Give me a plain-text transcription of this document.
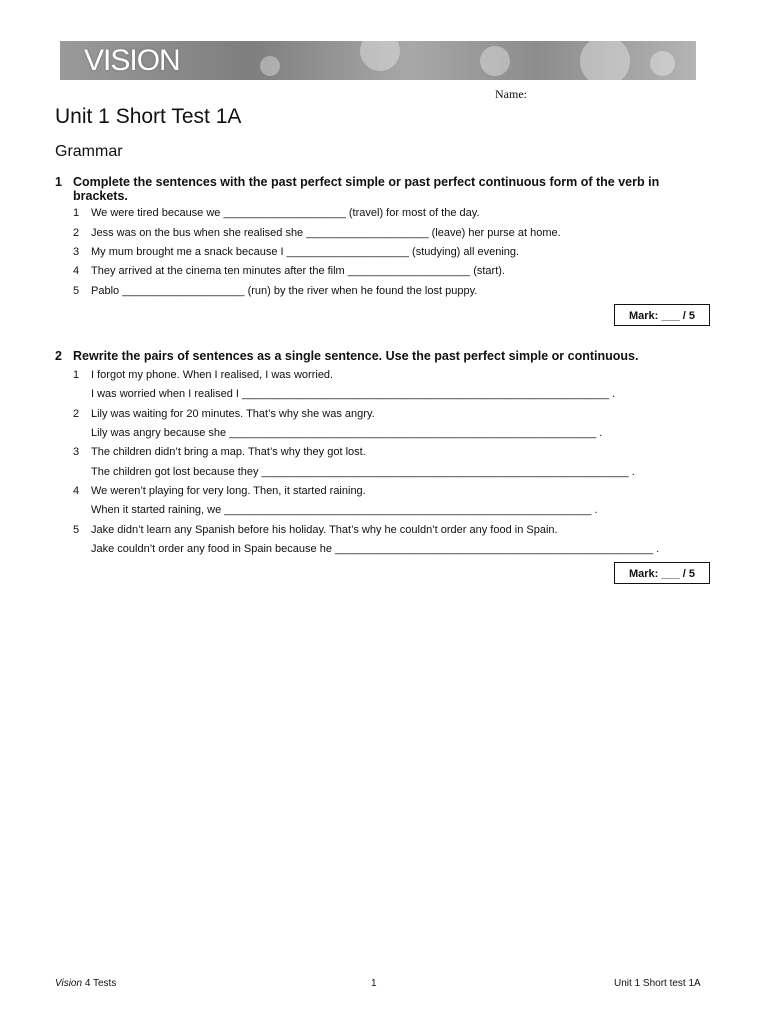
VISION
Name:
Unit 1 Short Test 1A
Grammar
1 Complete the sentences with the past perfect simple or past perfect continuous form of the verb in brackets.
1 We were tired because we ____________________ (travel) for most of the day.
2 Jess was on the bus when she realised she ____________________ (leave) her purse at home.
3 My mum brought me a snack because I ____________________ (studying) all evening.
4 They arrived at the cinema ten minutes after the film ____________________ (start).
5 Pablo ____________________ (run) by the river when he found the lost puppy.
Mark: ___ / 5
2 Rewrite the pairs of sentences as a single sentence. Use the past perfect simple or continuous.
1 I forgot my phone. When I realised, I was worried.
I was worried when I realised I ____________________________________________________________ .
2 Lily was waiting for 20 minutes. That’s why she was angry.
Lily was angry because she ____________________________________________________________ .
3 The children didn’t bring a map. That’s why they got lost.
The children got lost because they ____________________________________________________________ .
4 We weren’t playing for very long. Then, it started raining.
When it started raining, we ____________________________________________________________ .
5 Jake didn’t learn any Spanish before his holiday. That’s why he couldn’t order any food in Spain.
Jake couldn’t order any food in Spain because he ____________________________________________________ .
Mark: ___ / 5
Vision 4 Tests	1	Unit 1 Short test 1A
